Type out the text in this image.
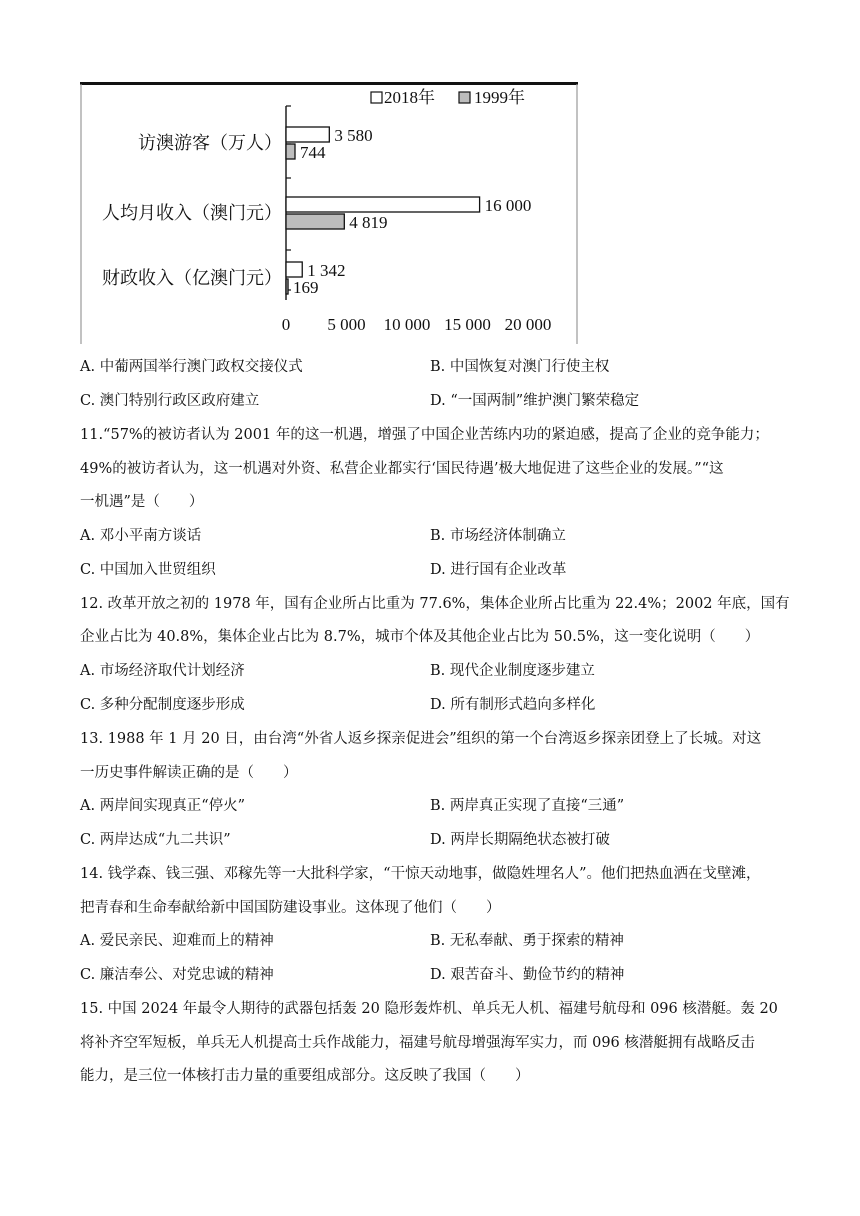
2018年 1999年
0 5 000 10 000 15 000 20 000
访澳游客（万人）	3 580
744
人均月收入（澳门元）	16 000
4 819
财政收入（亿澳门元） 1 342
169
A. 中葡两国举行澳门政权交接仪式	B. 中国恢复对澳门行使主权
C. 澳门特别行政区政府建立	D. “一国两制”维护澳门繁荣稳定
11.“57%的被访者认为 2001 年的这一机遇，增强了中国企业苦练内功的紧迫感，提高了企业的竞争能力；
49%的被访者认为，这一机遇对外资、私营企业都实行‘国民待遇’极大地促进了这些企业的发展。”“这
一机遇”是（　　）
A. 邓小平南方谈话	B. 市场经济体制确立
C. 中国加入世贸组织	D. 进行国有企业改革
12. 改革开放之初的 1978 年，国有企业所占比重为 77.6%，集体企业所占比重为 22.4%；2002 年底，国有
企业占比为 40.8%，集体企业占比为 8.7%，城市个体及其他企业占比为 50.5%，这一变化说明（　　）
A. 市场经济取代计划经济	B. 现代企业制度逐步建立
C. 多种分配制度逐步形成	D. 所有制形式趋向多样化
13. 1988 年 1 月 20 日，由台湾“外省人返乡探亲促进会”组织的第一个台湾返乡探亲团登上了长城。对这
一历史事件解读正确的是（　　）
A. 两岸间实现真正“停火”	B. 两岸真正实现了直接“三通”
C. 两岸达成“九二共识”	D. 两岸长期隔绝状态被打破
14. 钱学森、钱三强、邓稼先等一大批科学家，“干惊天动地事，做隐姓埋名人”。他们把热血洒在戈壁滩，
把青春和生命奉献给新中国国防建设事业。这体现了他们（　　）
A. 爱民亲民、迎难而上的精神	B. 无私奉献、勇于探索的精神
C. 廉洁奉公、对党忠诚的精神	D. 艰苦奋斗、勤俭节约的精神
15. 中国 2024 年最令人期待的武器包括轰 20 隐形轰炸机、单兵无人机、福建号航母和 096 核潜艇。轰 20
将补齐空军短板，单兵无人机提高士兵作战能力，福建号航母增强海军实力，而 096 核潜艇拥有战略反击
能力，是三位一体核打击力量的重要组成部分。这反映了我国（　　）
